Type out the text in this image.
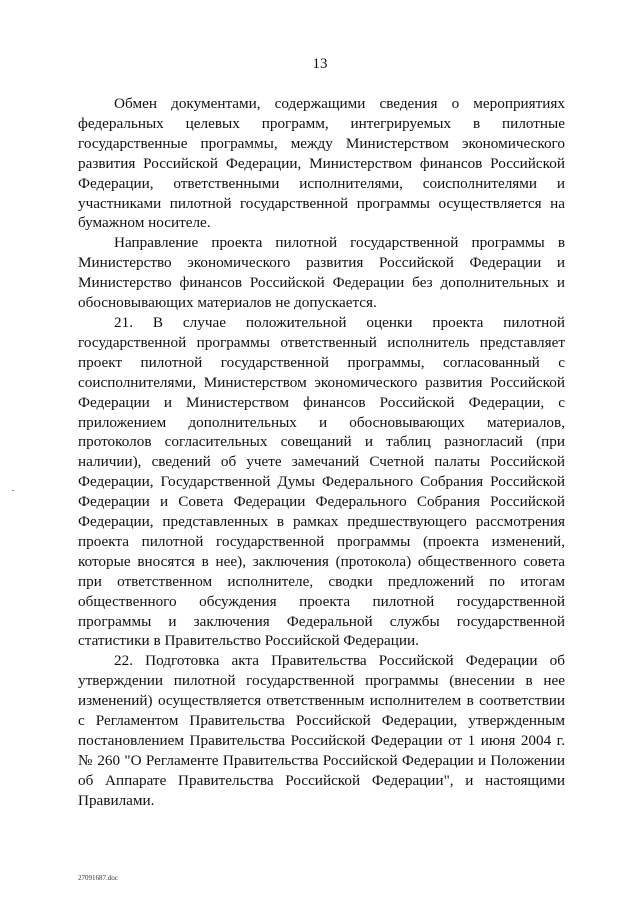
13

Обмен документами, содержащими сведения о мероприятиях федеральных целевых программ, интегрируемых в пилотные государственные программы, между Министерством экономического развития Российской Федерации, Министерством финансов Российской Федерации, ответственными исполнителями, соисполнителями и участниками пилотной государственной программы осуществляется на бумажном носителе.

Направление проекта пилотной государственной программы в Министерство экономического развития Российской Федерации и Министерство финансов Российской Федерации без дополнительных и обосновывающих материалов не допускается.

21. В случае положительной оценки проекта пилотной государственной программы ответственный исполнитель представляет проект пилотной государственной программы, согласованный с соисполнителями, Министерством экономического развития Российской Федерации и Министерством финансов Российской Федерации, с приложением дополнительных и обосновывающих материалов, протоколов согласительных совещаний и таблиц разногласий (при наличии), сведений об учете замечаний Счетной палаты Российской Федерации, Государственной Думы Федерального Собрания Российской Федерации и Совета Федерации Федерального Собрания Российской Федерации, представленных в рамках предшествующего рассмотрения проекта пилотной государственной программы (проекта изменений, которые вносятся в нее), заключения (протокола) общественного совета при ответственном исполнителе, сводки предложений по итогам общественного обсуждения проекта пилотной государственной программы и заключения Федеральной службы государственной статистики в Правительство Российской Федерации.

22. Подготовка акта Правительства Российской Федерации об утверждении пилотной государственной программы (внесении в нее изменений) осуществляется ответственным исполнителем в соответствии с Регламентом Правительства Российской Федерации, утвержденным постановлением Правительства Российской Федерации от 1 июня 2004 г. № 260 "О Регламенте Правительства Российской Федерации и Положении об Аппарате Правительства Российской Федерации", и настоящими Правилами.

27091687.doc
